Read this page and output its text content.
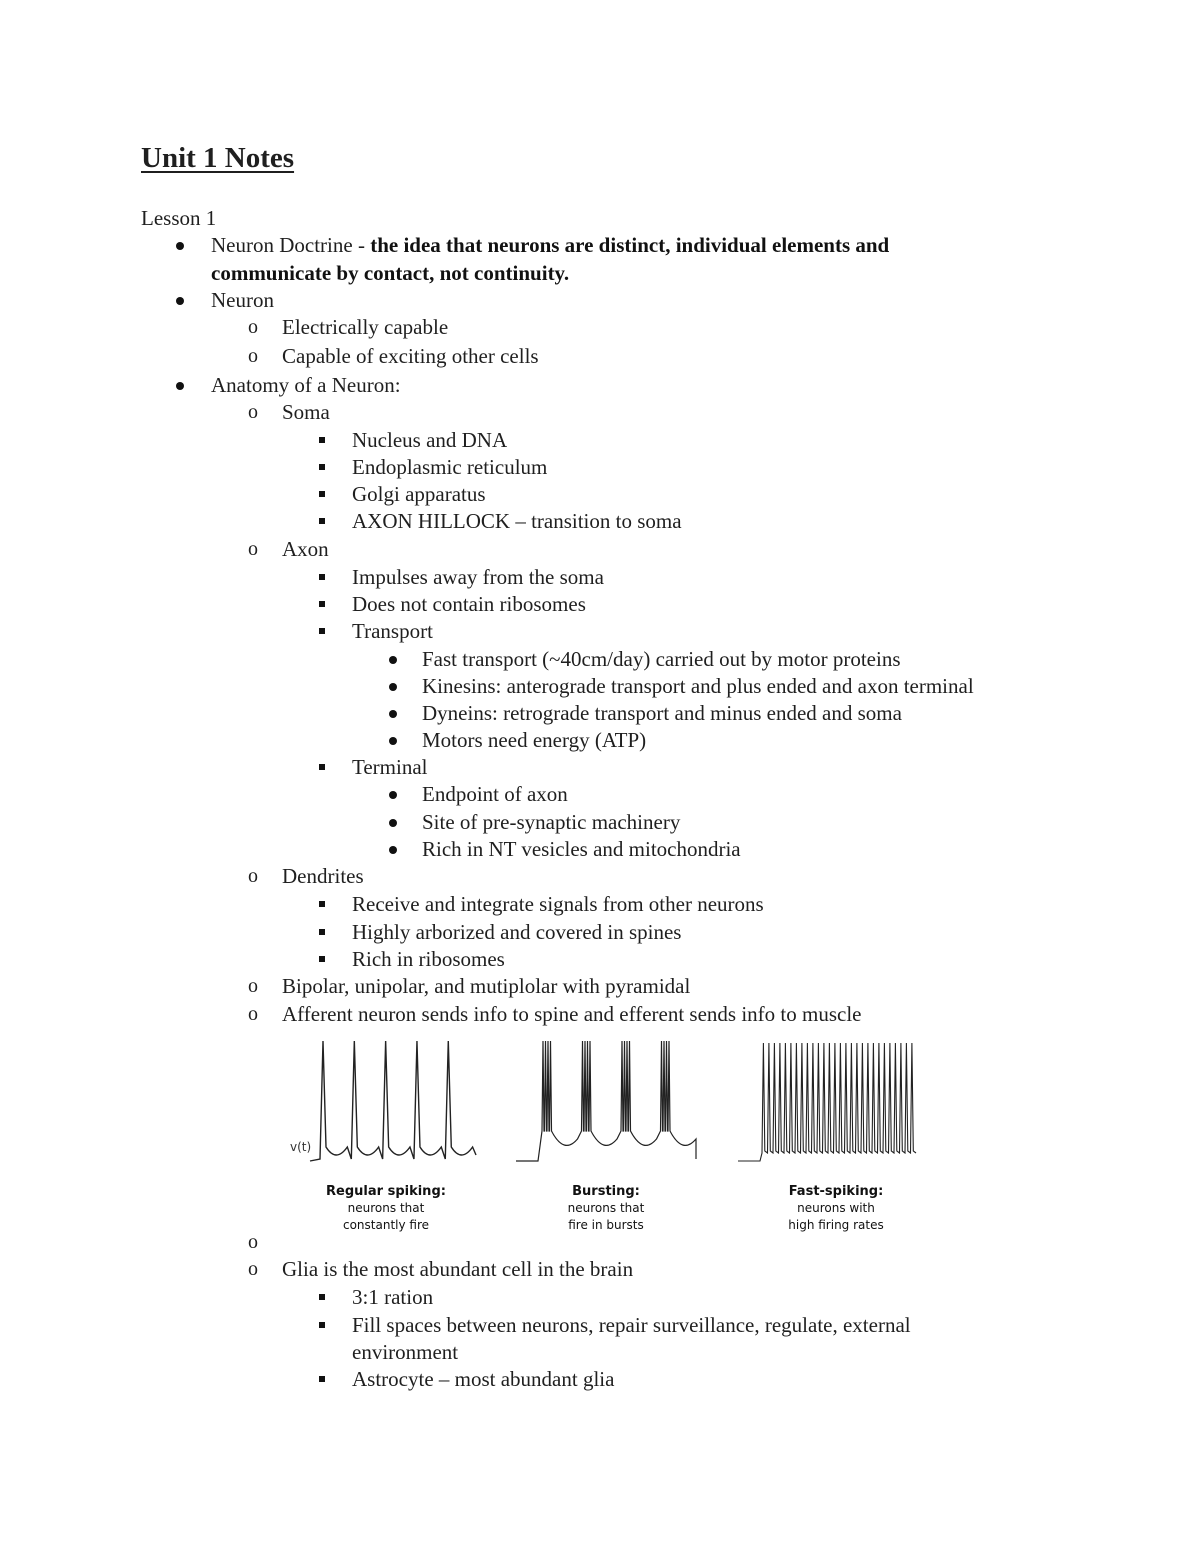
Unit 1 Notes
Lesson 1
Neuron Doctrine - the idea that neurons are distinct, individual elements and
communicate by contact, not continuity.
Neuron
o Electrically capable
o Capable of exciting other cells
Anatomy of a Neuron:
o Soma
Nucleus and DNA
Endoplasmic reticulum
Golgi apparatus
AXON HILLOCK – transition to soma
o Axon
Impulses away from the soma
Does not contain ribosomes
Transport
Fast transport (~40cm/day) carried out by motor proteins
Kinesins: anterograde transport and plus ended and axon terminal
Dyneins: retrograde transport and minus ended and soma
Motors need energy (ATP)
Terminal
Endpoint of axon
Site of pre-synaptic machinery
Rich in NT vesicles and mitochondria
o Dendrites
Receive and integrate signals from other neurons
Highly arborized and covered in spines
Rich in ribosomes
o Bipolar, unipolar, and mutiplolar with pyramidal
o Afferent neuron sends info to spine and efferent sends info to muscle
v(t)
Regular spiking:
neurons that
constantly fire
Bursting:
neurons that
fire in bursts
Fast-spiking:
neurons with
high firing rates
o
o Glia is the most abundant cell in the brain
3:1 ration
Fill spaces between neurons, repair surveillance, regulate, external
environment
Astrocyte – most abundant glia
